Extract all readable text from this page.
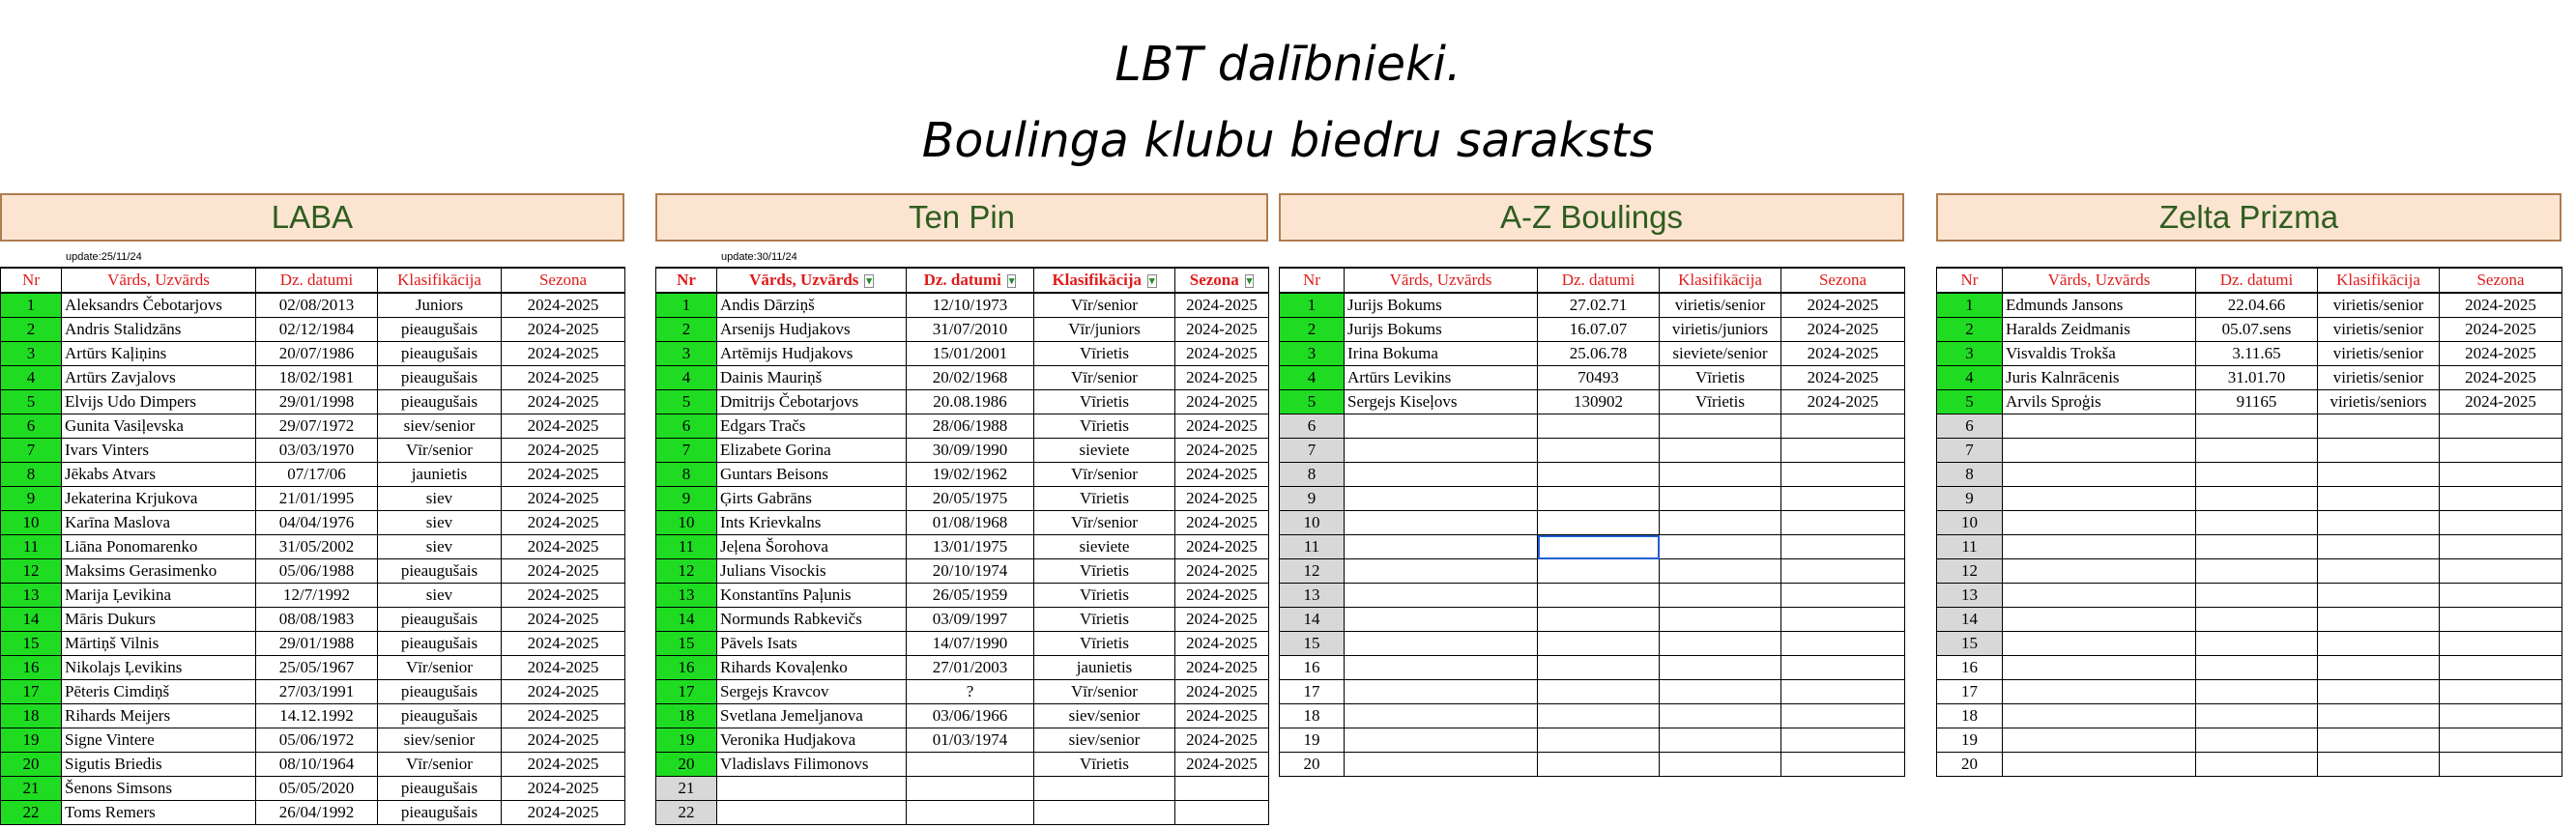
LBT dalībnieki.
Boulinga klubu biedru saraksts
LABA	Ten Pin	A-Z Boulings	Zelta Prizma
update:25/11/24	update:30/11/24
Nr	Vārds, Uzvārds	Dz. datumi	Klasifikācija	Sezona
1	Aleksandrs Čebotarjovs	02/08/2013	Juniors	2024-2025
2	Andris Stalidzāns	02/12/1984	pieaugušais	2024-2025
3	Artūrs Kaļiņins	20/07/1986	pieaugušais	2024-2025
4	Artūrs Zavjalovs	18/02/1981	pieaugušais	2024-2025
5	Elvijs Udo Dimpers	29/01/1998	pieaugušais	2024-2025
6	Gunita Vasiļevska	29/07/1972	siev/senior	2024-2025
7	Ivars Vinters	03/03/1970	Vīr/senior	2024-2025
8	Jēkabs Atvars	07/17/06	jaunietis	2024-2025
9	Jekaterina Krjukova	21/01/1995	siev	2024-2025
10	Karīna Maslova	04/04/1976	siev	2024-2025
11	Liāna Ponomarenko	31/05/2002	siev	2024-2025
12	Maksims Gerasimenko	05/06/1988	pieaugušais	2024-2025
13	Marija Ļevikina	12/7/1992	siev	2024-2025
14	Māris Dukurs	08/08/1983	pieaugušais	2024-2025
15	Mārtiņš Vilnis	29/01/1988	pieaugušais	2024-2025
16	Nikolajs Ļevikins	25/05/1967	Vīr/senior	2024-2025
17	Pēteris Cimdiņš	27/03/1991	pieaugušais	2024-2025
18	Rihards Meijers	14.12.1992	pieaugušais	2024-2025
19	Signe Vintere	05/06/1972	siev/senior	2024-2025
20	Sigutis Briedis	08/10/1964	Vīr/senior	2024-2025
21	Šenons Simsons	05/05/2020	pieaugušais	2024-2025
22	Toms Remers	26/04/1992	pieaugušais	2024-2025
Nr	Vārds, Uzvārds ▾	Dz. datumi ▾	Klasifikācija ▾	Sezona ▾
1	Andis Dārziņš	12/10/1973	Vīr/senior	2024-2025
2	Arsenijs Hudjakovs	31/07/2010	Vīr/juniors	2024-2025
3	Artēmijs Hudjakovs	15/01/2001	Vīrietis	2024-2025
4	Dainis Mauriņš	20/02/1968	Vīr/senior	2024-2025
5	Dmitrijs Čebotarjovs	20.08.1986	Vīrietis	2024-2025
6	Edgars Tračs	28/06/1988	Vīrietis	2024-2025
7	Elizabete Gorina	30/09/1990	sieviete	2024-2025
8	Guntars Beisons	19/02/1962	Vīr/senior	2024-2025
9	Ģirts Gabrāns	20/05/1975	Vīrietis	2024-2025
10	Ints Krievkalns	01/08/1968	Vīr/senior	2024-2025
11	Jeļena Šorohova	13/01/1975	sieviete	2024-2025
12	Julians Visockis	20/10/1974	Vīrietis	2024-2025
13	Konstantīns Paļunis	26/05/1959	Vīrietis	2024-2025
14	Normunds Rabkevičs	03/09/1997	Vīrietis	2024-2025
15	Pāvels Isats	14/07/1990	Vīrietis	2024-2025
16	Rihards Kovaļenko	27/01/2003	jaunietis	2024-2025
17	Sergejs Kravcov	?	Vīr/senior	2024-2025
18	Svetlana Jemeljanova	03/06/1966	siev/senior	2024-2025
19	Veronika Hudjakova	01/03/1974	siev/senior	2024-2025
20	Vladislavs Filimonovs		Vīrietis	2024-2025
21				
22				
Nr	Vārds, Uzvārds	Dz. datumi	Klasifikācija	Sezona
1	Jurijs Bokums	27.02.71	virietis/senior	2024-2025
2	Jurijs Bokums	16.07.07	virietis/juniors	2024-2025
3	Irina Bokuma	25.06.78	sieviete/senior	2024-2025
4	Artūrs Levikins	70493	Vīrietis	2024-2025
5	Sergejs Kiseļovs	130902	Vīrietis	2024-2025
6				
7				
8				
9				
10				
11				
12				
13				
14				
15				
16				
17				
18				
19				
20				
Nr	Vārds, Uzvārds	Dz. datumi	Klasifikācija	Sezona
1	Edmunds Jansons	22.04.66	virietis/senior	2024-2025
2	Haralds Zeidmanis	05.07.sens	virietis/senior	2024-2025
3	Visvaldis Trokša	3.11.65	virietis/senior	2024-2025
4	Juris Kalnrācenis	31.01.70	virietis/senior	2024-2025
5	Arvils Sproģis	91165	virietis/seniors	2024-2025
6				
7				
8				
9				
10				
11				
12				
13				
14				
15				
16				
17				
18				
19				
20				
